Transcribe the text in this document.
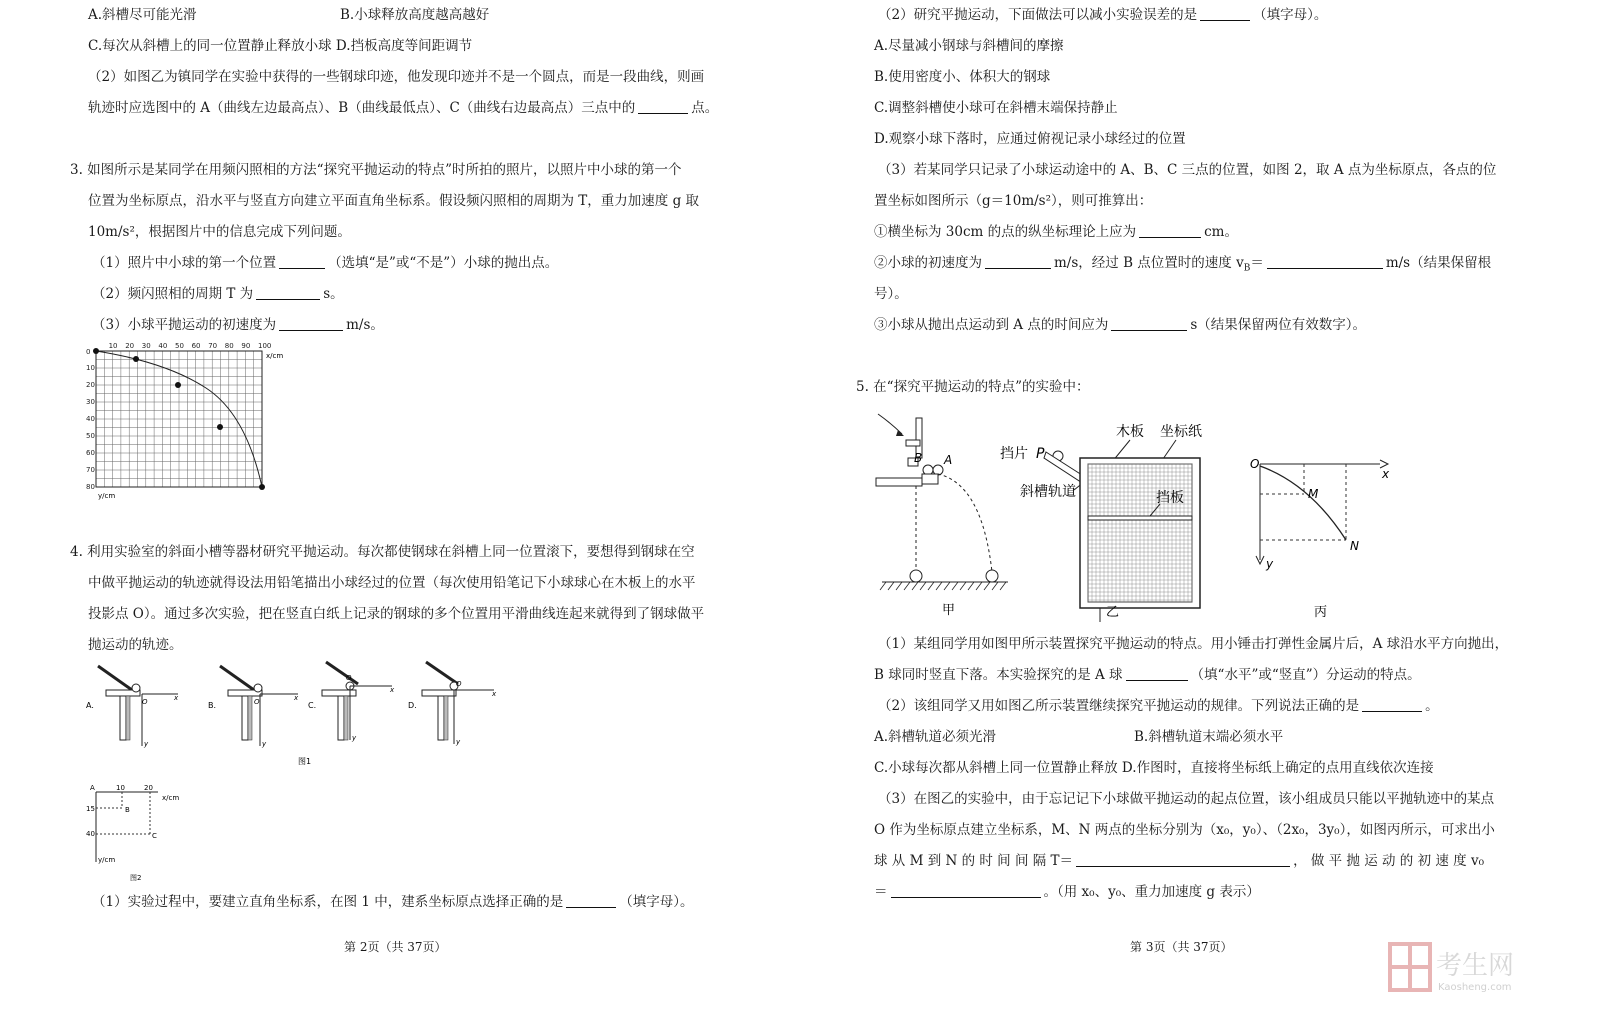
A.斜槽尽可能光滑	B.小球释放高度越高越好
C.每次从斜槽上的同一位置静止释放小球 D.挡板高度等间距调节
（2）如图乙为镇同学在实验中获得的一些钢球印迹，他发现印迹并不是一个圆点，而是一段曲线，则画
轨迹时应选图中的 A（曲线左边最高点）、B（曲线最低点）、C（曲线右边最高点）三点中的	点。
3. 如图所示是某同学在用频闪照相的方法“探究平抛运动的特点”时所拍的照片，以照片中小球的第一个
位置为坐标原点，沿水平与竖直方向建立平面直角坐标系。假设频闪照相的周期为 T，重力加速度 g 取
10m/s²，根据图片中的信息完成下列问题。
（1）照片中小球的第一个位置	（选填“是”或“不是”）小球的抛出点。
（2）频闪照相的周期 T 为	s。
（3）小球平抛运动的初速度为	m/s。
10 20 30 40 50 60 70 80 90 100
0
10
20
30
40
50
60
70
80
x/cm
y/cm
4. 利用实验室的斜面小槽等器材研究平抛运动。每次都使钢球在斜槽上同一位置滚下，要想得到钢球在空
中做平抛运动的轨迹就得设法用铅笔描出小球经过的位置（每次使用铅笔记下小球球心在木板上的水平
投影点 O）。通过多次实验，把在竖直白纸上记录的钢球的多个位置用平滑曲线连起来就得到了钢球做平
抛运动的轨迹。
A.	O	x
y
B.	O	x
y
C.
O
x
y
D.
O
x
y
图1
A	10	20
x/cm
15
40
B
C
y/cm
图2
（1）实验过程中，要建立直角坐标系，在图 1 中，建系坐标原点选择正确的是	（填字母）。
第 2页（共 37页）
（2）研究平抛运动，下面做法可以减小实验误差的是	（填字母）。
A.尽量减小钢球与斜槽间的摩擦
B.使用密度小、体积大的钢球
C.调整斜槽使小球可在斜槽末端保持静止
D.观察小球下落时，应通过俯视记录小球经过的位置
（3）若某同学只记录了小球运动途中的 A、B、C 三点的位置，如图 2，取 A 点为坐标原点，各点的位
置坐标如图所示（g＝10m/s²），则可推算出：
①横坐标为 30cm 的点的纵坐标理论上应为	cm。
②小球的初速度为	m/s，经过 B 点位置时的速度 $v_B=$	m/s（结果保留根
号）。
③小球从抛出点运动到 A 点的时间应为	s（结果保留两位有效数字）。
5. 在“探究平抛运动的特点”的实验中：
B A
甲
木板 坐标纸
挡片 P
斜槽轨道	挡板
乙
O
x
y
M
N
丙
（1）某组同学用如图甲所示装置探究平抛运动的特点。用小锤击打弹性金属片后，A 球沿水平方向抛出，
B 球同时竖直下落。本实验探究的是 A 球	（填“水平”或“竖直”）分运动的特点。
（2）该组同学又用如图乙所示装置继续探究平抛运动的规律。下列说法正确的是	。
A.斜槽轨道必须光滑	B.斜槽轨道末端必须水平
C.小球每次都从斜槽上同一位置静止释放 D.作图时，直接将坐标纸上确定的点用直线依次连接
（3）在图乙的实验中，由于忘记记下小球做平抛运动的起点位置，该小组成员只能以平抛轨迹中的某点
O 作为坐标原点建立坐标系，M、N 两点的坐标分别为（x₀，y₀）、（2x₀，3y₀），如图丙所示，可求出小
球 从 M 到 N 的 时 间 间 隔 T＝	， 做 平 抛 运 动 的 初 速 度 v₀
＝	。（用 x₀、y₀、重力加速度 g 表示）
第 3页（共 37页）
考生网
Kaosheng.com
